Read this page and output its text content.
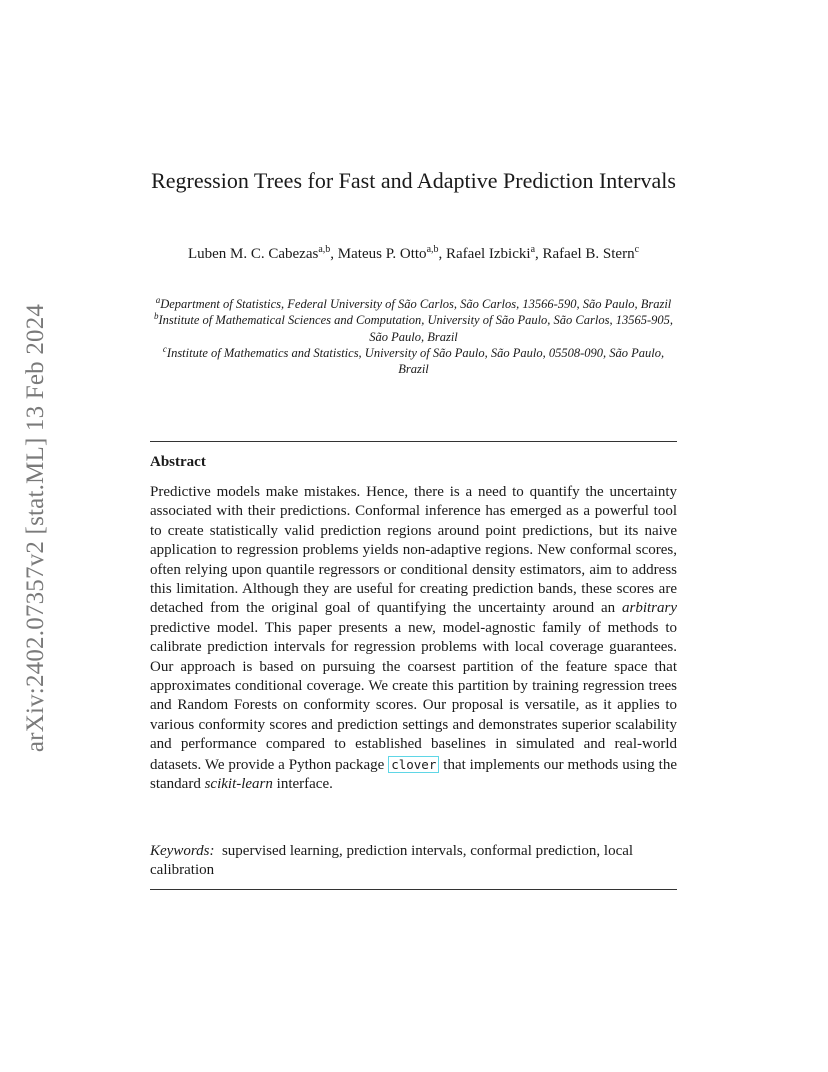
arXiv:2402.07357v2 [stat.ML] 13 Feb 2024
Regression Trees for Fast and Adaptive Prediction Intervals
Luben M. C. Cabezas$^{a,b}$, Mateus P. Otto$^{a,b}$, Rafael Izbicki$^a$, Rafael B. Stern$^c$
$^a$Department of Statistics, Federal University of São Carlos, São Carlos, 13566-590, São Paulo, Brazil
$^b$Institute of Mathematical Sciences and Computation, University of São Paulo, São Carlos, 13565-905, São Paulo, Brazil
$^c$Institute of Mathematics and Statistics, University of São Paulo, São Paulo, 05508-090, São Paulo, Brazil
Abstract

Predictive models make mistakes. Hence, there is a need to quantify the uncertainty associated with their predictions. Conformal inference has emerged as a powerful tool to create statistically valid prediction regions around point predictions, but its naive application to regression problems yields non-adaptive regions. New conformal scores, often relying upon quantile regressors or conditional density estimators, aim to address this limitation. Although they are useful for creating prediction bands, these scores are detached from the original goal of quantifying the uncertainty around an arbitrary predictive model. This paper presents a new, model-agnostic family of methods to calibrate prediction intervals for regression problems with local coverage guarantees. Our approach is based on pursuing the coarsest partition of the feature space that approximates conditional coverage. We create this partition by training regression trees and Random Forests on conformity scores. Our proposal is versatile, as it applies to various conformity scores and prediction settings and demonstrates superior scalability and performance compared to established baselines in simulated and real-world datasets. We provide a Python package clover that implements our methods using the standard scikit-learn interface.

Keywords: supervised learning, prediction intervals, conformal prediction, local calibration
